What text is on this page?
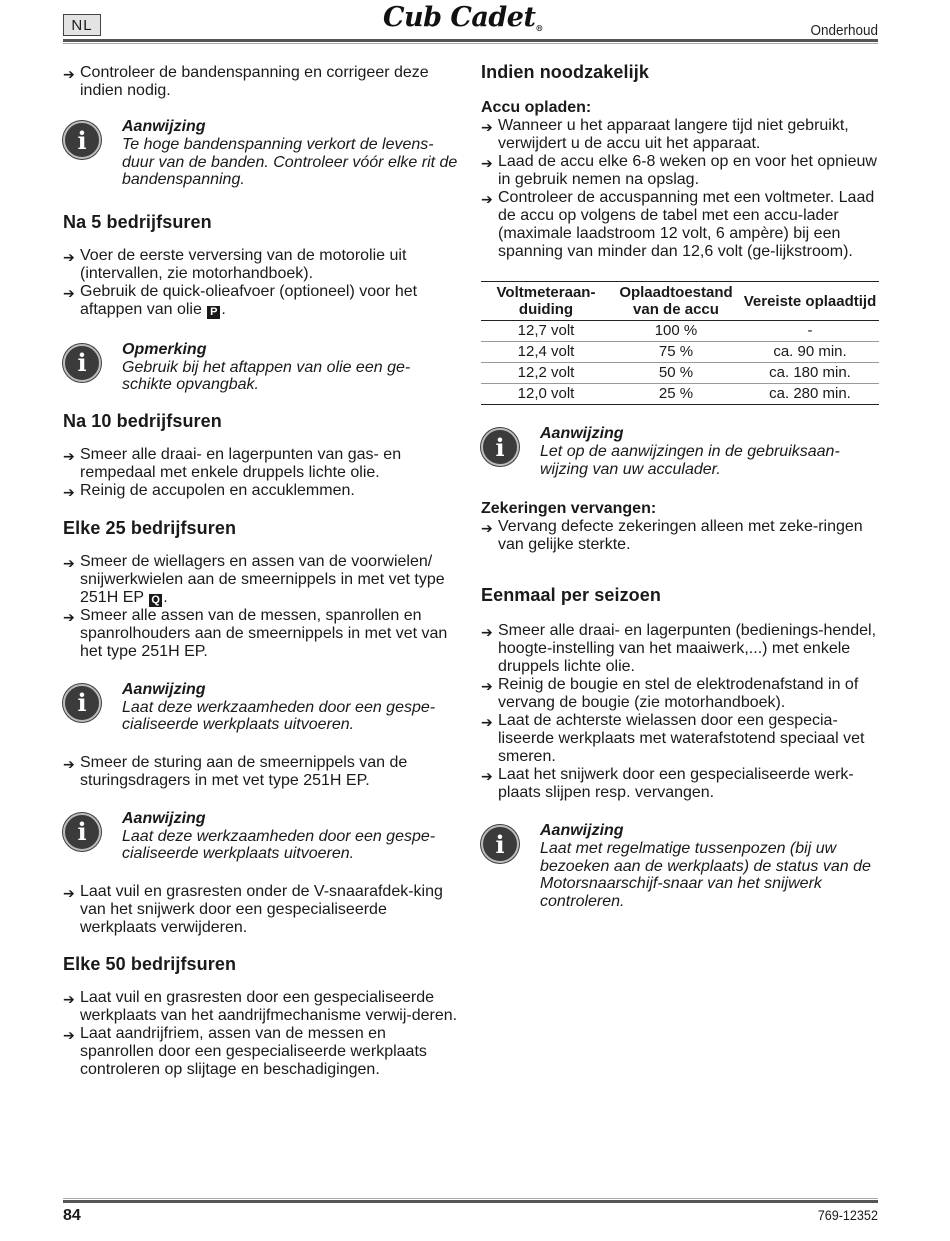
NL	Cub Cadet®	Onderhoud
➔ Controleer de bandenspanning en corrigeer deze indien nodig.
i	Aanwijzing
Te hoge bandenspanning verkort de levens-duur van de banden. Controleer vóór elke rit de bandenspanning.
Na 5 bedrijfsuren
➔ Voer de eerste verversing van de motorolie uit (intervallen, zie motorhandboek).
➔ Gebruik de quick-olieafvoer (optioneel) voor het aftappen van olie P .
i	Opmerking
Gebruik bij het aftappen van olie een ge-schikte opvangbak.
Na 10 bedrijfsuren
➔ Smeer alle draai- en lagerpunten van gas- en rempedaal met enkele druppels lichte olie.
➔ Reinig de accupolen en accuklemmen.
Elke 25 bedrijfsuren
➔ Smeer de wiellagers en assen van de voorwielen/ snijwerkwielen aan de smeernippels in met vet type 251H EP Q .
➔ Smeer alle assen van de messen, spanrollen en spanrolhouders aan de smeernippels in met vet van het type 251H EP.
i	Aanwijzing
Laat deze werkzaamheden door een gespe-cialiseerde werkplaats uitvoeren.
➔ Smeer de sturing aan de smeernippels van de sturingsdragers in met vet type 251H EP.
i	Aanwijzing
Laat deze werkzaamheden door een gespe-cialiseerde werkplaats uitvoeren.
➔ Laat vuil en grasresten onder de V-snaarafdek-king van het snijwerk door een gespecialiseerde werkplaats verwijderen.
Elke 50 bedrijfsuren
➔ Laat vuil en grasresten door een gespecialiseerde werkplaats van het aandrijfmechanisme verwij-deren.
➔ Laat aandrijfriem, assen van de messen en spanrollen door een gespecialiseerde werkplaats controleren op slijtage en beschadigingen.
Indien noodzakelijk
Accu opladen:
➔ Wanneer u het apparaat langere tijd niet gebruikt, verwijdert u de accu uit het apparaat.
➔ Laad de accu elke 6-8 weken op en voor het opnieuw in gebruik nemen na opslag.
➔ Controleer de accuspanning met een voltmeter. Laad de accu op volgens de tabel met een accu-lader (maximale laadstroom 12 volt, 6 ampère) bij een spanning van minder dan 12,6 volt (ge-lijkstroom).
Voltmeteraan-duiding	Oplaadtoestand van de accu	Vereiste oplaadtijd
12,7 volt	100 %	-
12,4 volt	75 %	ca. 90 min.
12,2 volt	50 %	ca. 180 min.
12,0 volt	25 %	ca. 280 min.
i	Aanwijzing
Let op de aanwijzingen in de gebruiksaan-wijzing van uw acculader.
Zekeringen vervangen:
➔ Vervang defecte zekeringen alleen met zeke-ringen van gelijke sterkte.
Eenmaal per seizoen
➔ Smeer alle draai- en lagerpunten (bedienings-hendel, hoogte-instelling van het maaiwerk,...) met enkele druppels lichte olie.
➔ Reinig de bougie en stel de elektrodenafstand in of vervang de bougie (zie motorhandboek).
➔ Laat de achterste wielassen door een gespecia-liseerde werkplaats met waterafstotend speciaal vet smeren.
➔ Laat het snijwerk door een gespecialiseerde werk-plaats slijpen resp. vervangen.
i	Aanwijzing
Laat met regelmatige tussenpozen (bij uw bezoeken aan de werkplaats) de status van de Motorsnaarschijf-snaar van het snijwerk controleren.
84	769-12352
